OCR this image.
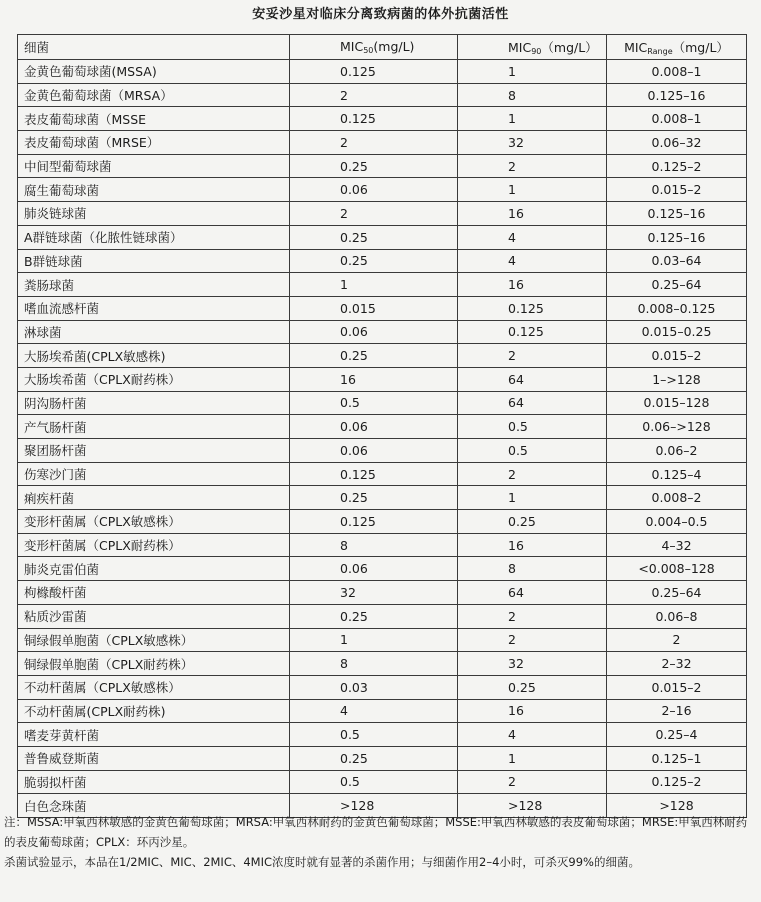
安妥沙星对临床分离致病菌的体外抗菌活性
细菌	$MIC_{50}(mg/L)$	$MIC_{90}(mg/L)$	$MIC_{Range}(mg/L)$
金黄色葡萄球菌(MSSA)	0.125	1	0.008–1
金黄色葡萄球菌（MRSA）	2	8	0.125–16
表皮葡萄球菌（MSSE	0.125	1	0.008–1
表皮葡萄球菌（MRSE）	2	32	0.06–32
中间型葡萄球菌	0.25	2	0.125–2
腐生葡萄球菌	0.06	1	0.015–2
肺炎链球菌	2	16	0.125–16
A群链球菌（化脓性链球菌）	0.25	4	0.125–16
B群链球菌	0.25	4	0.03–64
粪肠球菌	1	16	0.25–64
嗜血流感杆菌	0.015	0.125	0.008–0.125
淋球菌	0.06	0.125	0.015–0.25
大肠埃希菌(CPLX敏感株)	0.25	2	0.015–2
大肠埃希菌（CPLX耐药株）	16	64	1–>128
阴沟肠杆菌	0.5	64	0.015–128
产气肠杆菌	0.06	0.5	0.06–>128
聚团肠杆菌	0.06	0.5	0.06–2
伤寒沙门菌	0.125	2	0.125–4
痢疾杆菌	0.25	1	0.008–2
变形杆菌属（CPLX敏感株）	0.125	0.25	0.004–0.5
变形杆菌属（CPLX耐药株）	8	16	4–32
肺炎克雷伯菌	0.06	8	<0.008–128
枸橼酸杆菌	32	64	0.25–64
粘质沙雷菌	0.25	2	0.06–8
铜绿假单胞菌（CPLX敏感株）	1	2	2
铜绿假单胞菌（CPLX耐药株）	8	32	2–32
不动杆菌属（CPLX敏感株）	0.03	0.25	0.015–2
不动杆菌属(CPLX耐药株)	4	16	2–16
嗜麦芽黄杆菌	0.5	4	0.25–4
普鲁威登斯菌	0.25	1	0.125–1
脆弱拟杆菌	0.5	2	0.125–2
白色念珠菌	>128	>128	>128

注：MSSA:甲氧西林敏感的金黄色葡萄球菌；MRSA:甲氧西林耐药的金黄色葡萄球菌；MSSE:甲氧西林敏感的表皮葡萄球菌；MRSE:甲氧西林耐药的表皮葡萄球菌；CPLX：环丙沙星。

杀菌试验显示，本品在1/2MIC、MIC、2MIC、4MIC浓度时就有显著的杀菌作用；与细菌作用2–4小时，可杀灭99%的细菌。
